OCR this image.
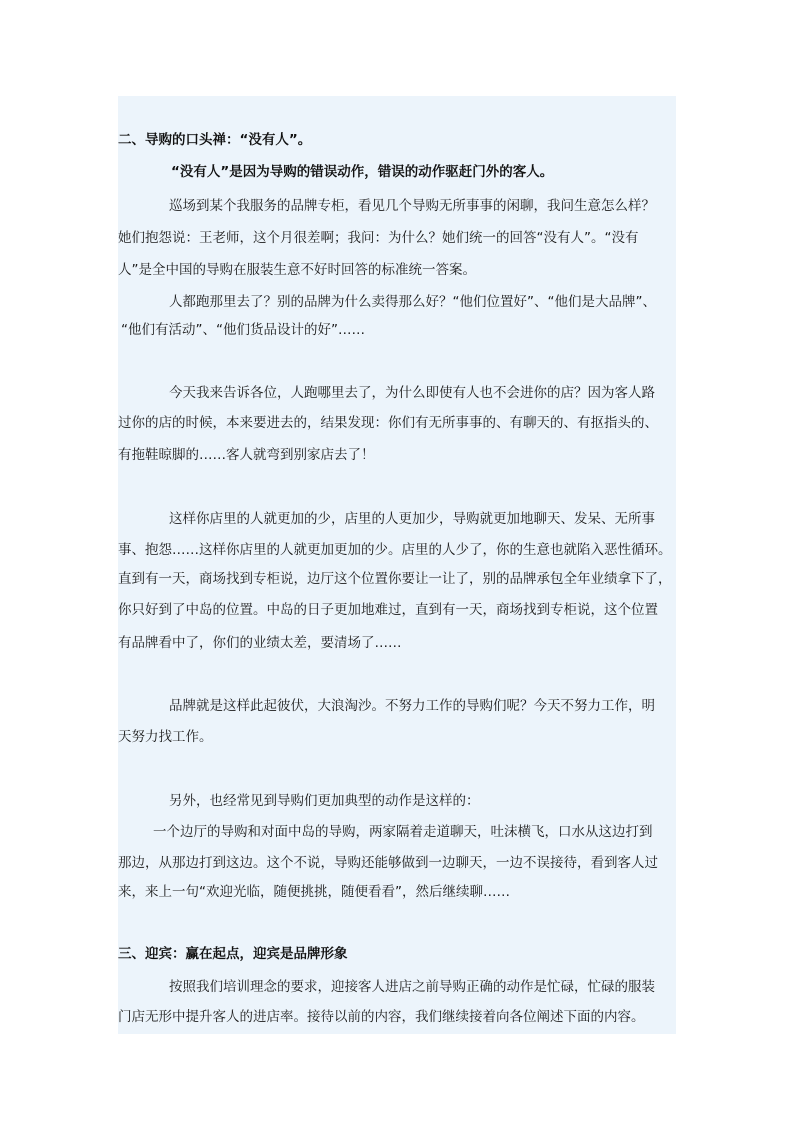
二、导购的口头禅：“没有人”。
“没有人”是因为导购的错误动作，错误的动作驱赶门外的客人。
巡场到某个我服务的品牌专柜，看见几个导购无所事事的闲聊，我问生意怎么样？
她们抱怨说：王老师，这个月很差啊；我问：为什么？她们统一的回答“没有人”。“没有
人”是全中国的导购在服装生意不好时回答的标准统一答案。
人都跑那里去了？别的品牌为什么卖得那么好？“他们位置好”、“他们是大品牌”、
“他们有活动”、“他们货品设计的好”……
今天我来告诉各位，人跑哪里去了，为什么即使有人也不会进你的店？因为客人路
过你的店的时候，本来要进去的，结果发现：你们有无所事事的、有聊天的、有抠指头的、
有拖鞋晾脚的……客人就弯到别家店去了！
这样你店里的人就更加的少，店里的人更加少，导购就更加地聊天、发呆、无所事
事、抱怨……这样你店里的人就更加更加的少。店里的人少了，你的生意也就陷入恶性循环。
直到有一天，商场找到专柜说，边厅这个位置你要让一让了，别的品牌承包全年业绩拿下了，
你只好到了中岛的位置。中岛的日子更加地难过，直到有一天，商场找到专柜说，这个位置
有品牌看中了，你们的业绩太差，要清场了……
品牌就是这样此起彼伏，大浪淘沙。不努力工作的导购们呢？今天不努力工作，明
天努力找工作。
另外，也经常见到导购们更加典型的动作是这样的：
一个边厅的导购和对面中岛的导购，两家隔着走道聊天，吐沫横飞，口水从这边打到
那边，从那边打到这边。这个不说，导购还能够做到一边聊天，一边不误接待，看到客人过
来，来上一句“欢迎光临，随便挑挑，随便看看”，然后继续聊……
三、迎宾：赢在起点，迎宾是品牌形象
按照我们培训理念的要求，迎接客人进店之前导购正确的动作是忙碌，忙碌的服装
门店无形中提升客人的进店率。接待以前的内容，我们继续接着向各位阐述下面的内容。
